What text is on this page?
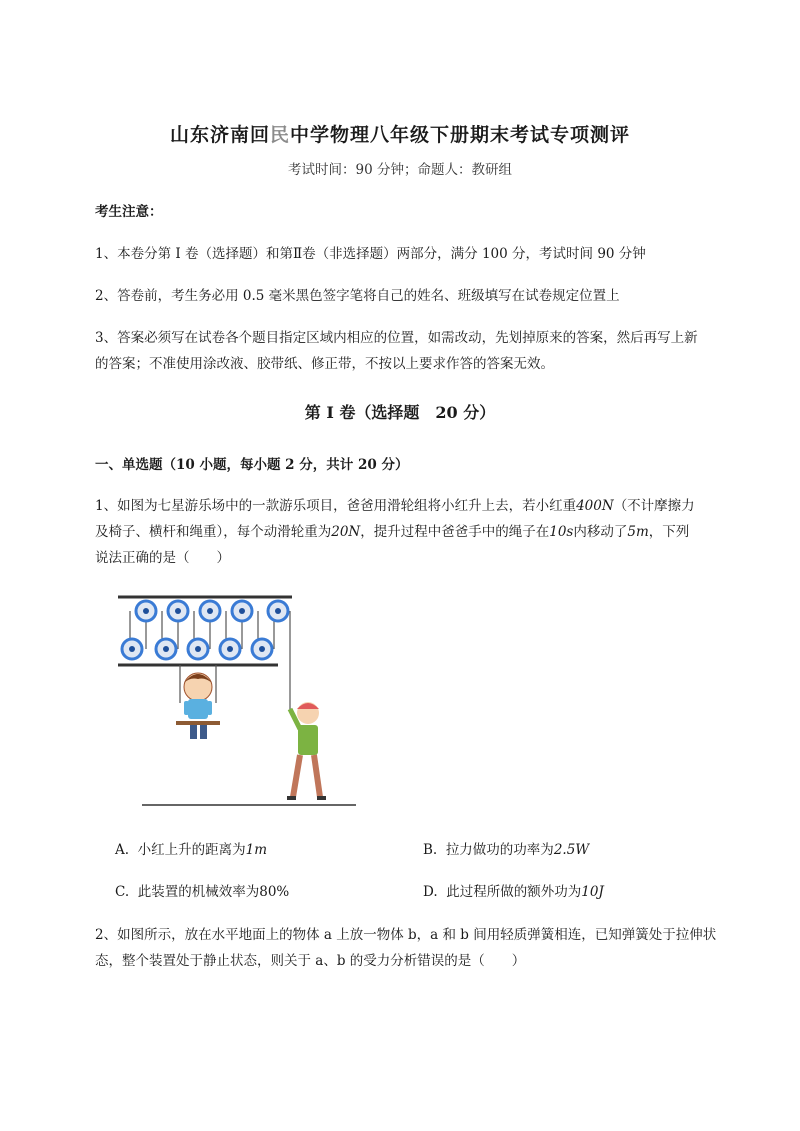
山东济南回民中学物理八年级下册期末考试专项测评
考试时间：90 分钟；命题人：教研组
考生注意：
1、本卷分第 I 卷（选择题）和第Ⅱ卷（非选择题）两部分，满分 100 分，考试时间 90 分钟
2、答卷前，考生务必用 0.5 毫米黑色签字笔将自己的姓名、班级填写在试卷规定位置上
3、答案必须写在试卷各个题目指定区域内相应的位置，如需改动，先划掉原来的答案，然后再写上新
的答案；不准使用涂改液、胶带纸、修正带，不按以上要求作答的答案无效。
第 I 卷（选择题　20 分）
一、单选题（10 小题，每小题 2 分，共计 20 分）
1、如图为七星游乐场中的一款游乐项目，爸爸用滑轮组将小红升上去，若小红重400N（不计摩擦力
及椅子、横杆和绳重），每个动滑轮重为20N，提升过程中爸爸手中的绳子在10s内移动了5m，下列
说法正确的是（　　）
A. 小红上升的距离为1m	B. 拉力做功的功率为2.5W
C. 此装置的机械效率为80%	D. 此过程所做的额外功为10J
2、如图所示，放在水平地面上的物体 a 上放一物体 b，a 和 b 间用轻质弹簧相连，已知弹簧处于拉伸状
态，整个装置处于静止状态，则关于 a、b 的受力分析错误的是（　　）
